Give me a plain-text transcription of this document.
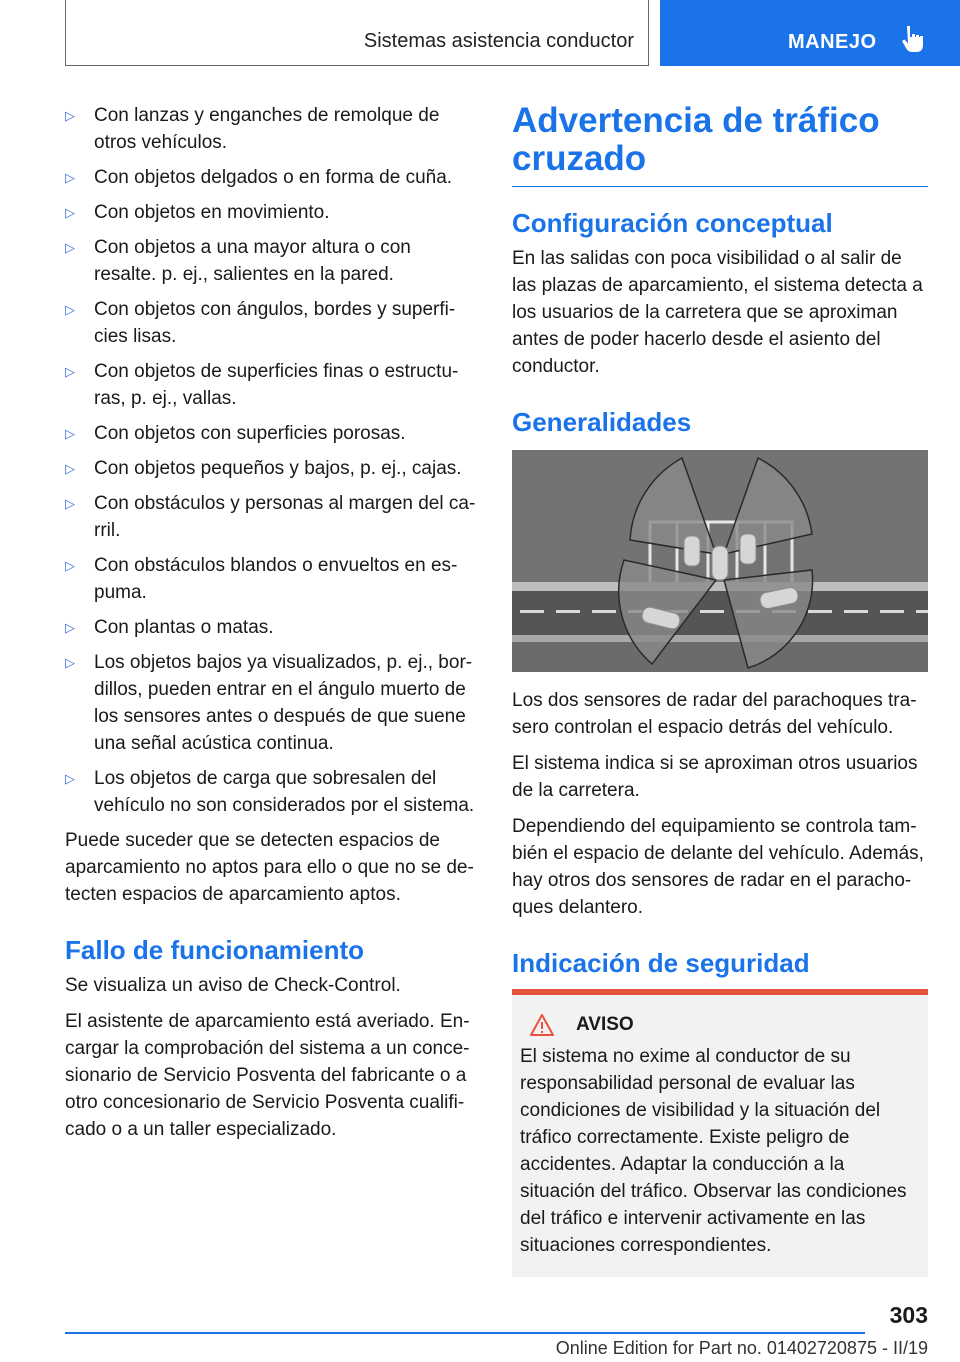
Sistemas asistencia conductor	MANEJO
▷ Con lanzas y enganches de remolque de otros vehículos.
▷ Con objetos delgados o en forma de cuña.
▷ Con objetos en movimiento.
▷ Con objetos a una mayor altura o con resalte. p. ej., salientes en la pared.
▷ Con objetos con ángulos, bordes y superficies lisas.
▷ Con objetos de superficies finas o estructuras, p. ej., vallas.
▷ Con objetos con superficies porosas.
▷ Con objetos pequeños y bajos, p. ej., cajas.
▷ Con obstáculos y personas al margen del carril.
▷ Con obstáculos blandos o envueltos en espuma.
▷ Con plantas o matas.
▷ Los objetos bajos ya visualizados, p. ej., bordillos, pueden entrar en el ángulo muerto de los sensores antes o después de que suene una señal acústica continua.
▷ Los objetos de carga que sobresalen del vehículo no son considerados por el sistema.

Puede suceder que se detecten espacios de aparcamiento no aptos para ello o que no se detecten espacios de aparcamiento aptos.

Fallo de funcionamiento

Se visualiza un aviso de Check-Control.

El asistente de aparcamiento está averiado. Encargar la comprobación del sistema a un concesionario de Servicio Posventa del fabricante o a otro concesionario de Servicio Posventa cualificado o a un taller especializado.

Advertencia de tráfico cruzado
Configuración conceptual

En las salidas con poca visibilidad o al salir de las plazas de aparcamiento, el sistema detecta a los usuarios de la carretera que se aproximan antes de poder hacerlo desde el asiento del conductor.

Generalidades

Los dos sensores de radar del parachoques trasero controlan el espacio detrás del vehículo.

El sistema indica si se aproximan otros usuarios de la carretera.

Dependiendo del equipamiento se controla también el espacio de delante del vehículo. Además, hay otros dos sensores de radar en el parachoques delantero.

Indicación de seguridad
AVISO

El sistema no exime al conductor de su responsabilidad personal de evaluar las condiciones de visibilidad y la situación del tráfico correctamente. Existe peligro de accidentes. Adaptar la conducción a la situación del tráfico. Observar las condiciones del tráfico e intervenir activamente en las situaciones correspondientes.

303
Online Edition for Part no. 01402720875 - II/19
